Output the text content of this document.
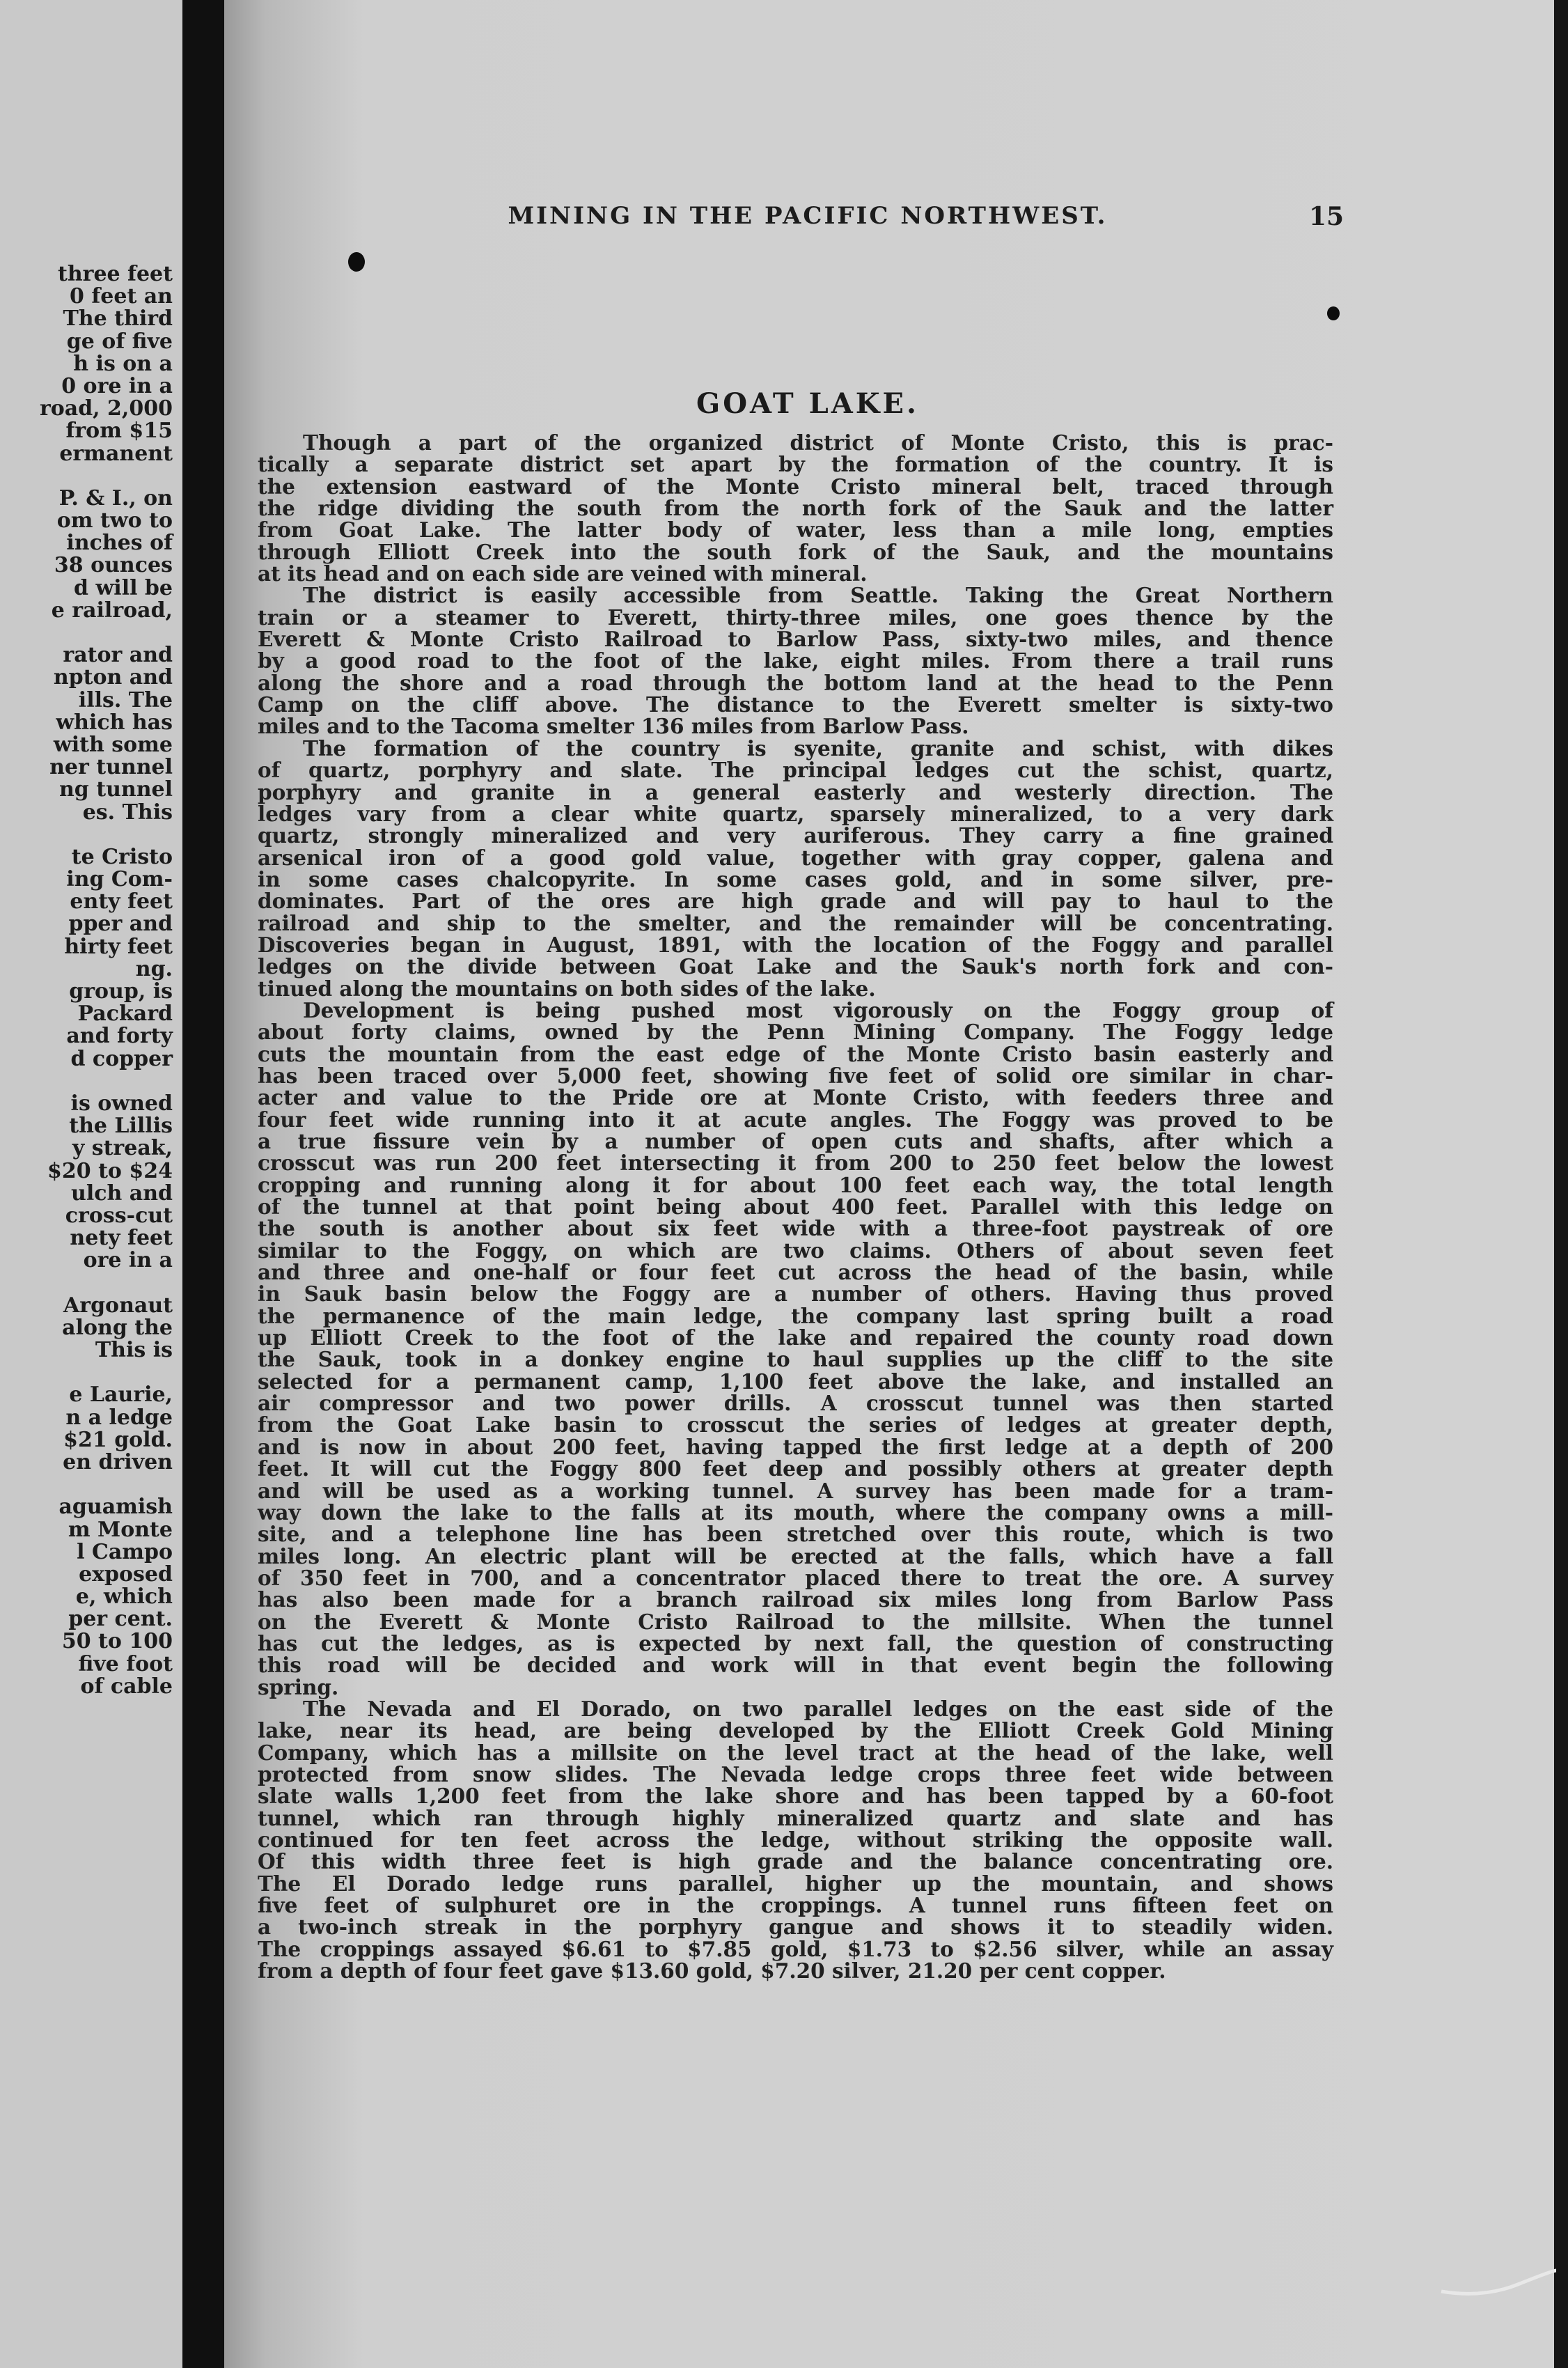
three feet
0 feet an
The third
ge of five
h is on a
0 ore in a
road, 2,000
from $15
ermanent
P. & I., on
om two to
inches of
38 ounces
d will be
e railroad,
rator and
npton and
ills. The
which has
with some
ner tunnel
ng tunnel
es. This
te Cristo
ing Com-
enty feet
pper and
hirty feet
ng.
group, is
Packard
and forty
d copper
is owned
the Lillis
y streak,
$20 to $24
ulch and
cross-cut
nety feet
ore in a
Argonaut
along the
This is
e Laurie,
n a ledge
$21 gold.
en driven
aguamish
m Monte
l Campo
exposed
e, which
per cent.
50 to 100
five foot
of cable
MINING IN THE PACIFIC NORTHWEST.	15
GOAT LAKE.
Though a part of the organized district of Monte Cristo, this is prac-
tically a separate district set apart by the formation of the country. It is
the extension eastward of the Monte Cristo mineral belt, traced through
the ridge dividing the south from the north fork of the Sauk and the latter
from Goat Lake. The latter body of water, less than a mile long, empties
through Elliott Creek into the south fork of the Sauk, and the mountains
at its head and on each side are veined with mineral.
The district is easily accessible from Seattle. Taking the Great Northern
train or a steamer to Everett, thirty-three miles, one goes thence by the
Everett & Monte Cristo Railroad to Barlow Pass, sixty-two miles, and thence
by a good road to the foot of the lake, eight miles. From there a trail runs
along the shore and a road through the bottom land at the head to the Penn
Camp on the cliff above. The distance to the Everett smelter is sixty-two
miles and to the Tacoma smelter 136 miles from Barlow Pass.
The formation of the country is syenite, granite and schist, with dikes
of quartz, porphyry and slate. The principal ledges cut the schist, quartz,
porphyry and granite in a general easterly and westerly direction. The
ledges vary from a clear white quartz, sparsely mineralized, to a very dark
quartz, strongly mineralized and very auriferous. They carry a fine grained
arsenical iron of a good gold value, together with gray copper, galena and
in some cases chalcopyrite. In some cases gold, and in some silver, pre-
dominates. Part of the ores are high grade and will pay to haul to the
railroad and ship to the smelter, and the remainder will be concentrating.
Discoveries began in August, 1891, with the location of the Foggy and parallel
ledges on the divide between Goat Lake and the Sauk's north fork and con-
tinued along the mountains on both sides of the lake.
Development is being pushed most vigorously on the Foggy group of
about forty claims, owned by the Penn Mining Company. The Foggy ledge
cuts the mountain from the east edge of the Monte Cristo basin easterly and
has been traced over 5,000 feet, showing five feet of solid ore similar in char-
acter and value to the Pride ore at Monte Cristo, with feeders three and
four feet wide running into it at acute angles. The Foggy was proved to be
a true fissure vein by a number of open cuts and shafts, after which a
crosscut was run 200 feet intersecting it from 200 to 250 feet below the lowest
cropping and running along it for about 100 feet each way, the total length
of the tunnel at that point being about 400 feet. Parallel with this ledge on
the south is another about six feet wide with a three-foot paystreak of ore
similar to the Foggy, on which are two claims. Others of about seven feet
and three and one-half or four feet cut across the head of the basin, while
in Sauk basin below the Foggy are a number of others. Having thus proved
the permanence of the main ledge, the company last spring built a road
up Elliott Creek to the foot of the lake and repaired the county road down
the Sauk, took in a donkey engine to haul supplies up the cliff to the site
selected for a permanent camp, 1,100 feet above the lake, and installed an
air compressor and two power drills. A crosscut tunnel was then started
from the Goat Lake basin to crosscut the series of ledges at greater depth,
and is now in about 200 feet, having tapped the first ledge at a depth of 200
feet. It will cut the Foggy 800 feet deep and possibly others at greater depth
and will be used as a working tunnel. A survey has been made for a tram-
way down the lake to the falls at its mouth, where the company owns a mill-
site, and a telephone line has been stretched over this route, which is two
miles long. An electric plant will be erected at the falls, which have a fall
of 350 feet in 700, and a concentrator placed there to treat the ore. A survey
has also been made for a branch railroad six miles long from Barlow Pass
on the Everett & Monte Cristo Railroad to the millsite. When the tunnel
has cut the ledges, as is expected by next fall, the question of constructing
this road will be decided and work will in that event begin the following
spring.
The Nevada and El Dorado, on two parallel ledges on the east side of the
lake, near its head, are being developed by the Elliott Creek Gold Mining
Company, which has a millsite on the level tract at the head of the lake, well
protected from snow slides. The Nevada ledge crops three feet wide between
slate walls 1,200 feet from the lake shore and has been tapped by a 60-foot
tunnel, which ran through highly mineralized quartz and slate and has
continued for ten feet across the ledge, without striking the opposite wall.
Of this width three feet is high grade and the balance concentrating ore.
The El Dorado ledge runs parallel, higher up the mountain, and shows
five feet of sulphuret ore in the croppings. A tunnel runs fifteen feet on
a two-inch streak in the porphyry gangue and shows it to steadily widen.
The croppings assayed $6.61 to $7.85 gold, $1.73 to $2.56 silver, while an assay
from a depth of four feet gave $13.60 gold, $7.20 silver, 21.20 per cent copper.
